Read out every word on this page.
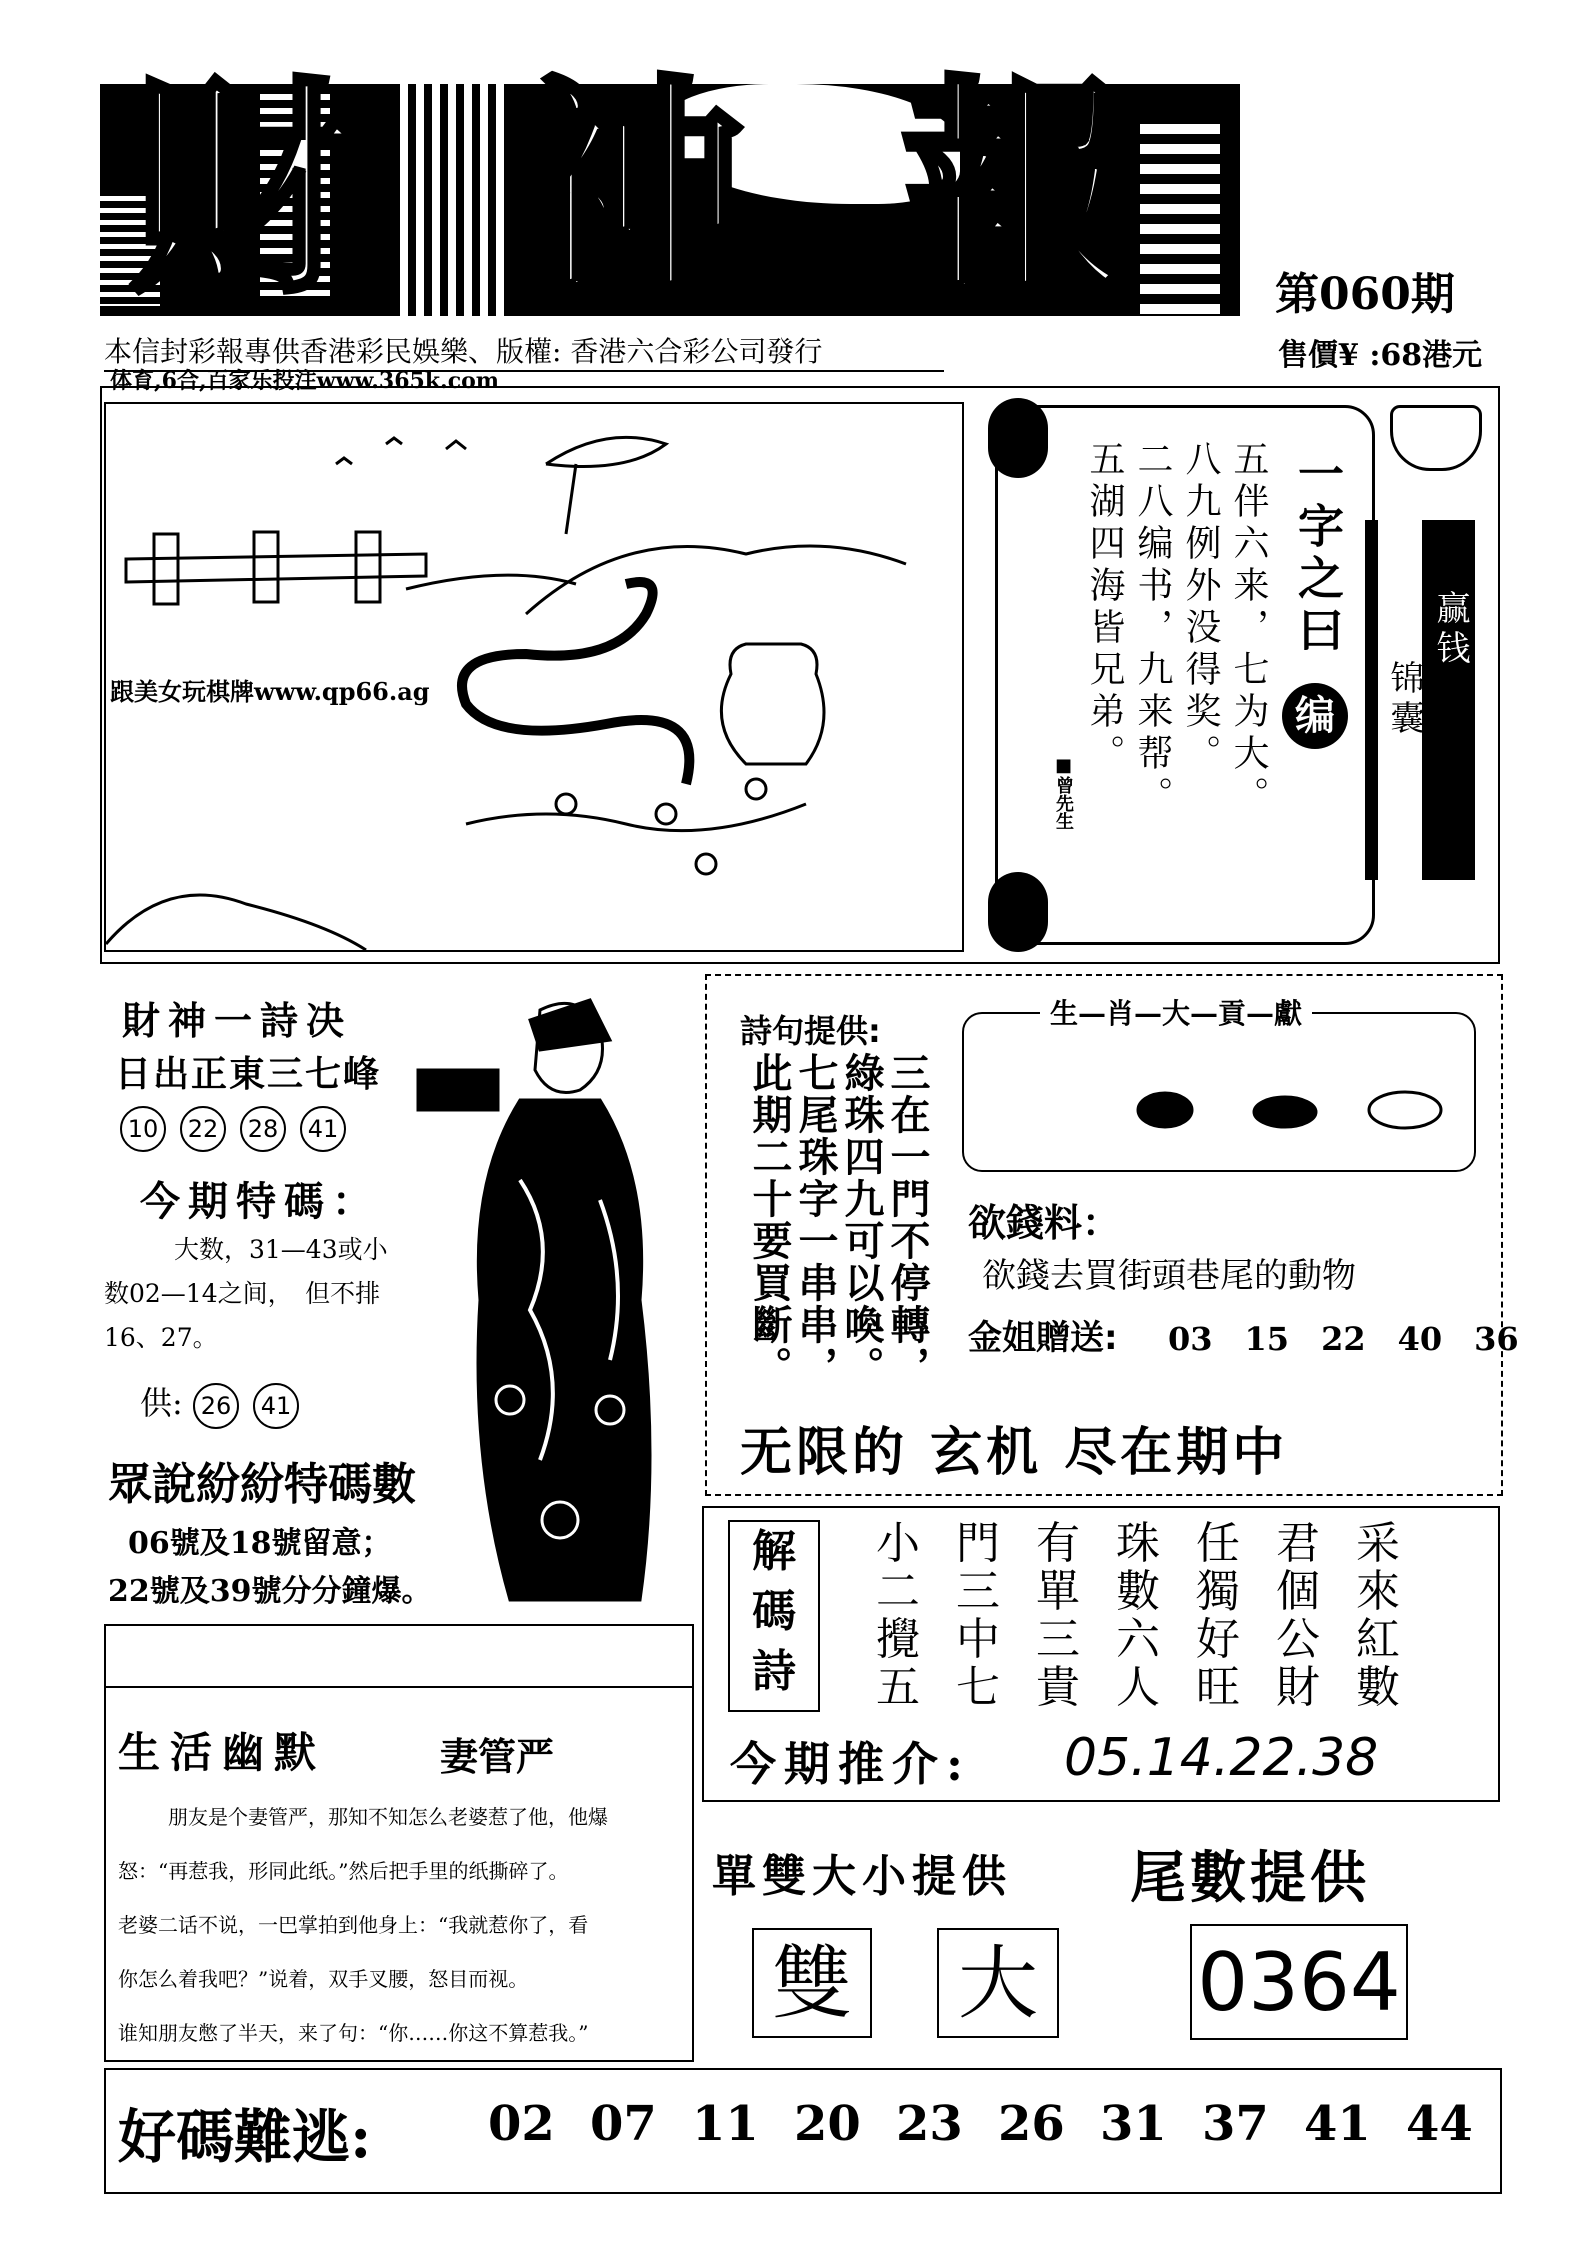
財 神 報	第060期
本信封彩報專供香港彩民娛樂、版權: 香港六合彩公司發行	售價¥ :68港元
体育,6合,百家乐投注www.365k.com
跟美女玩棋牌www.qp66.ag
一字之曰
编
五伴六来，七为大。
八九例外没得奖。
二八编书，九来帮。
五湖四海皆兄弟。
■曾先生
赢钱
锦囊
財神一詩决
日出正東三七峰
10 22 28 41
今期特碼：
大数，31—43或小数02—14之间，　但不排16、27。
供: 26 41
眾說紛紛特碼數
06號及18號留意；
22號及39號分分鐘爆。
詩句提供:
三在一門不停轉，
綠珠四九可以喚。
七尾珠字一串串，
此期二十要買斷。
生—肖—大—貢—獻
欲錢料：
欲錢去買街頭巷尾的動物
金姐贈送: 03　15　22　40　36
无限的 玄机 尽在期中
解
碼
詩
小 門 有 珠 任 君 采
二 三 單 數 獨 個 來
攪 中 三 六 好 公 紅
五 七 貴 人 旺 財 數
今期推介: 05.14.22.38
生活幽默	妻管严
朋友是个妻管严，那知不知怎么老婆惹了他，他爆
怒：“再惹我，形同此纸。”然后把手里的纸撕碎了。
老婆二话不说，一巴掌拍到他身上：“我就惹你了，看
你怎么着我吧？”说着，双手叉腰，怒目而视。
谁知朋友憋了半天，来了句：“你……你这不算惹我。”
單雙大小提供 尾數提供
雙 大 0364
好碼難逃: 02 07 11 20 23 26 31 37 41 44
